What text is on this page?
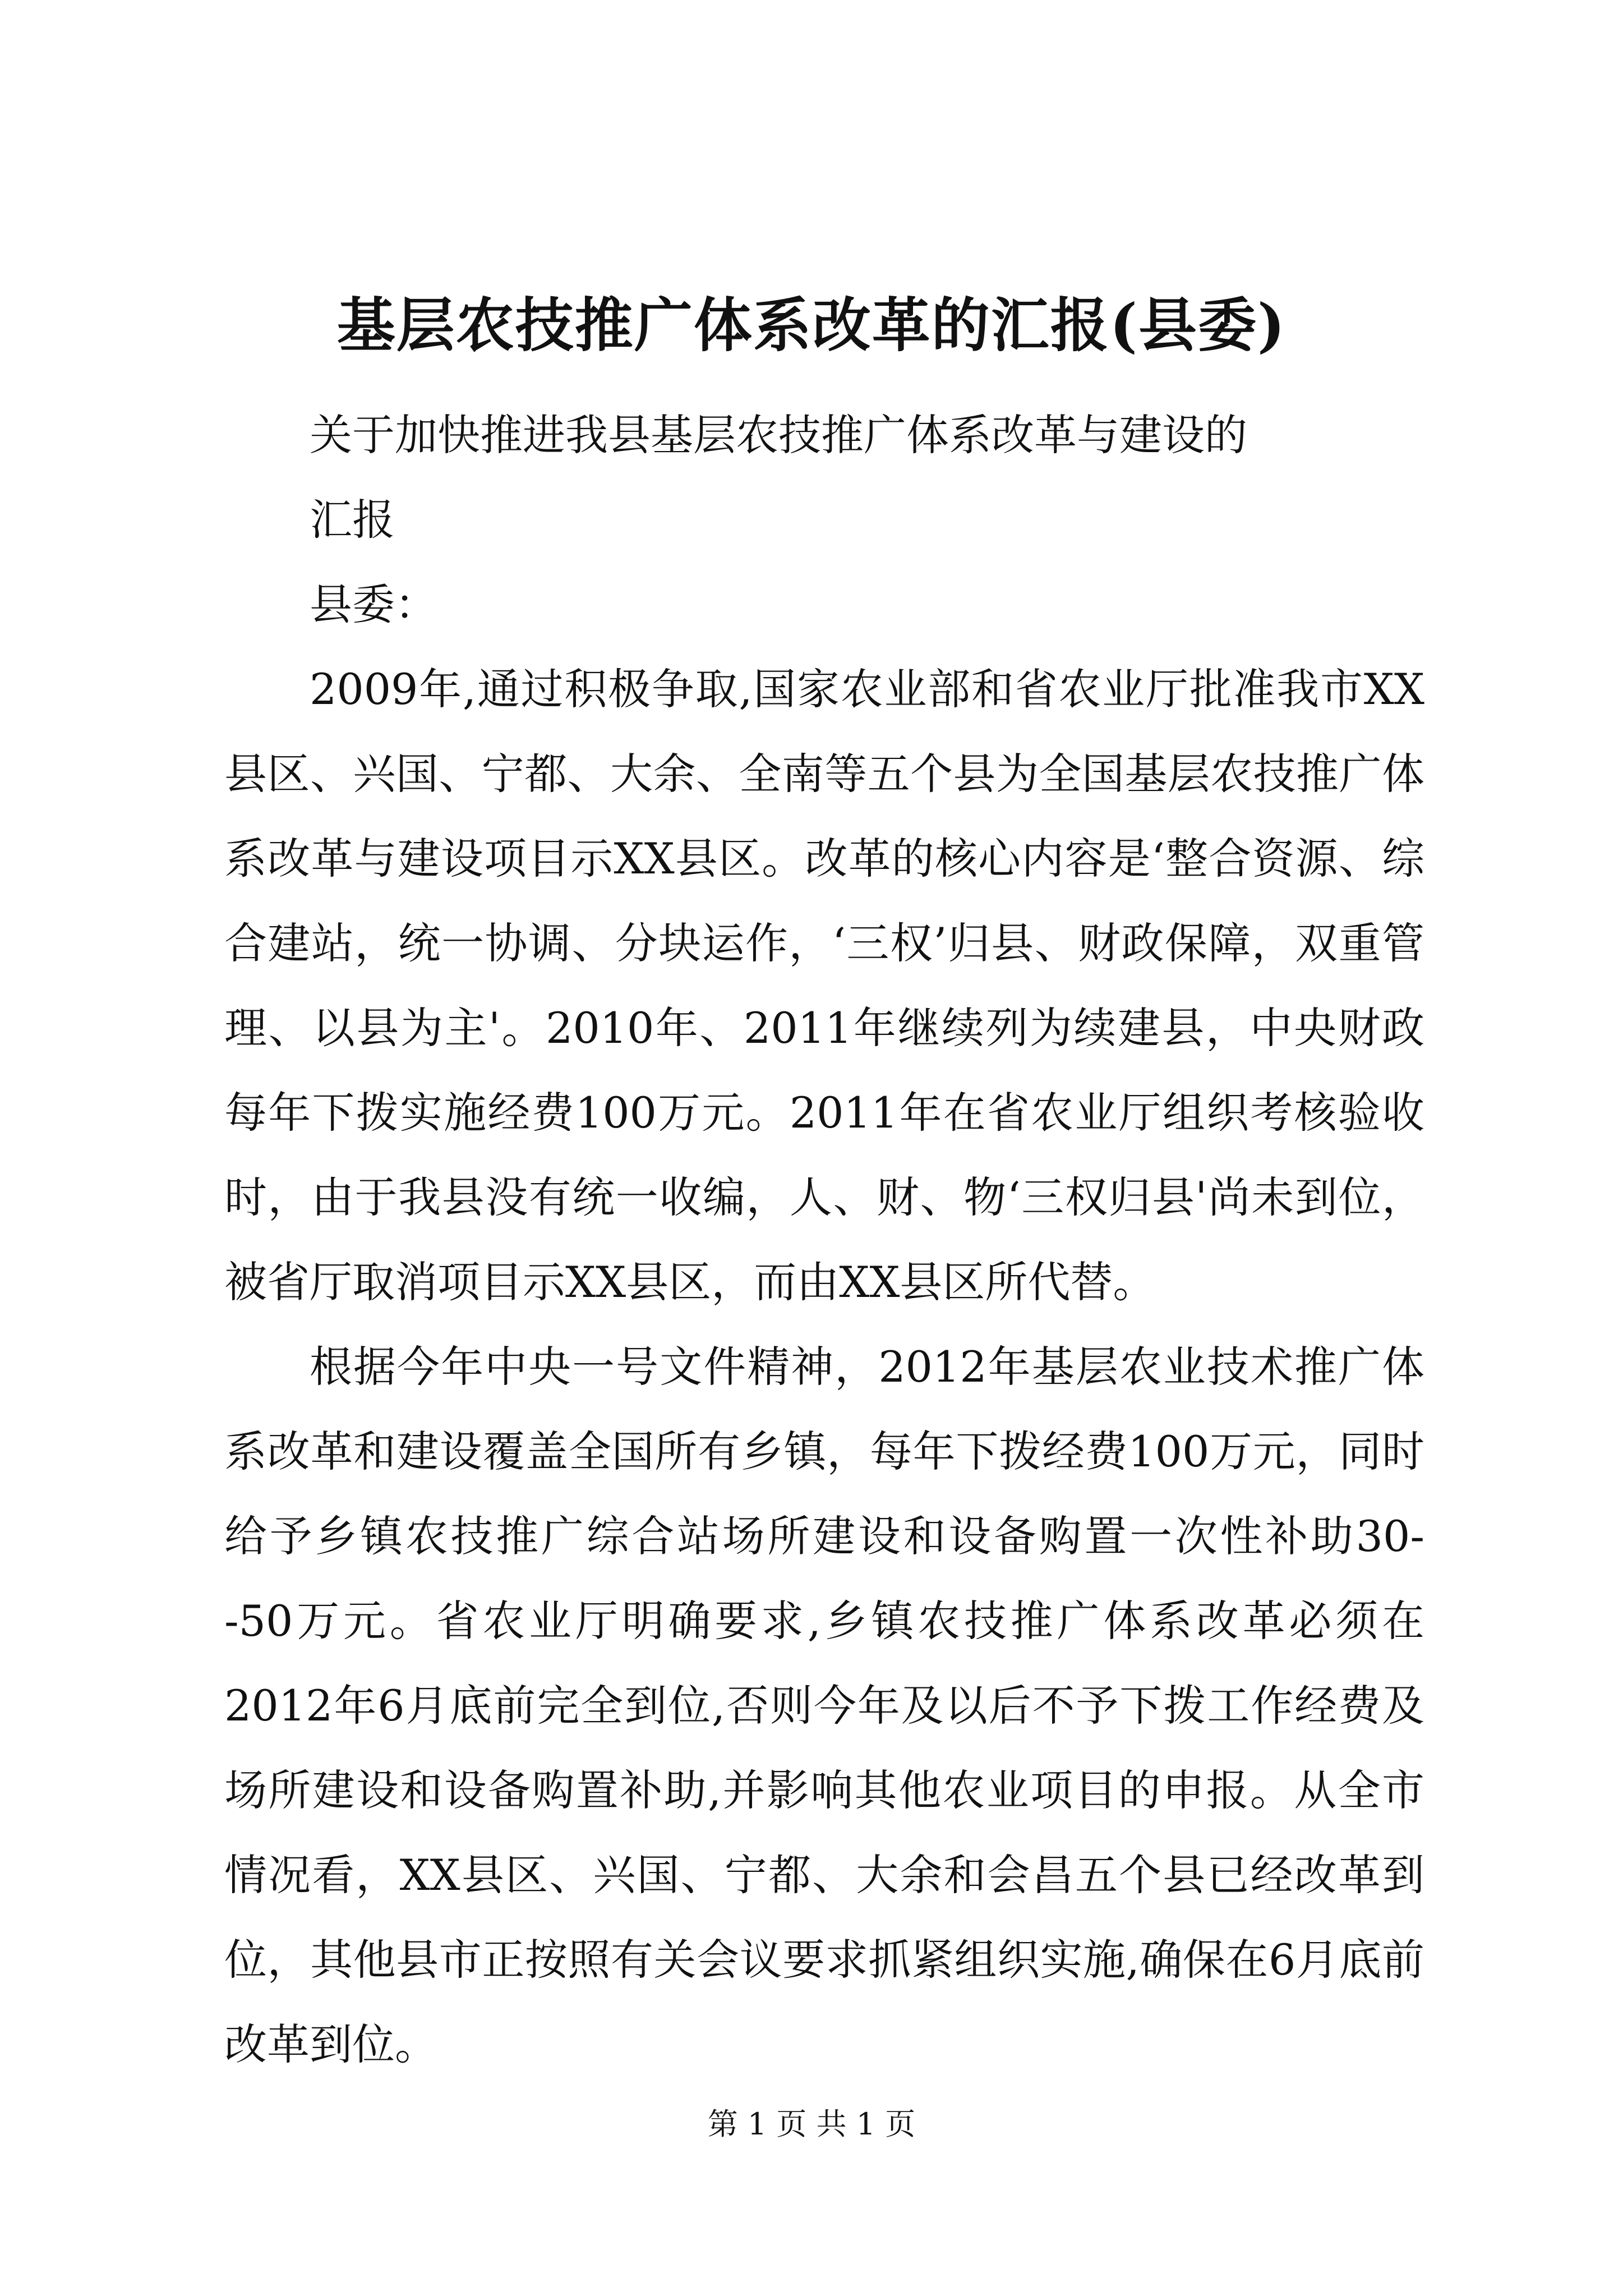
基层农技推广体系改革的汇报(县委)

关于加快推进我县基层农技推广体系改革与建设的

汇报

县委：

2009年,通过积极争取,国家农业部和省农业厅批准我市XX县区、兴国、宁都、大余、全南等五个县为全国基层农技推广体系改革与建设项目示XX县区。改革的核心内容是‘整合资源、综合建站，统一协调、分块运作，‘三权’归县、财政保障，双重管理、以县为主'。2010年、2011年继续列为续建县，中央财政每年下拨实施经费100万元。2011年在省农业厅组织考核验收时，由于我县没有统一收编，人、财、物‘三权归县'尚未到位，被省厅取消项目示XX县区，而由XX县区所代替。

根据今年中央一号文件精神，2012年基层农业技术推广体系改革和建设覆盖全国所有乡镇，每年下拨经费100万元，同时给予乡镇农技推广综合站场所建设和设备购置一次性补助30--50万元。省农业厅明确要求,乡镇农技推广体系改革必须在2012年6月底前完全到位,否则今年及以后不予下拨工作经费及场所建设和设备购置补助,并影响其他农业项目的申报。从全市情况看，XX县区、兴国、宁都、大余和会昌五个县已经改革到位，其他县市正按照有关会议要求抓紧组织实施,确保在6月底前改革到位。

第 1 页 共 1 页
